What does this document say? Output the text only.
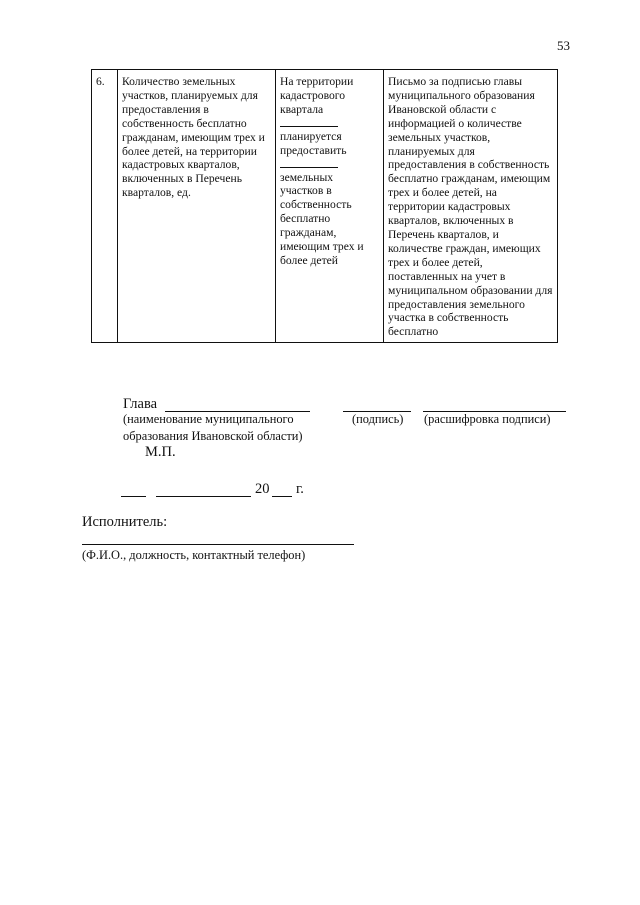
53
6.	Количество земельных участков, планируемых для предоставления в собственность бесплатно гражданам, имеющим трех и более детей, на территории кадастровых кварталов, включенных в Перечень кварталов, ед.	На территории кадастрового квартала
планируется предоставить
земельных участков в собственность бесплатно гражданам, имеющим трех и более детей	Письмо за подписью главы муниципального образования Ивановской области с информацией о количестве земельных участков, планируемых для предоставления в собственность бесплатно гражданам, имеющим трех и более детей, на территории кадастровых кварталов, включенных в Перечень кварталов, и количестве граждан, имеющих трех и более детей, поставленных на учет в муниципальном образовании для предоставления земельного участка в собственность бесплатно
Глава
(наименование муниципального
образования Ивановской области)
(подпись) (расшифровка подписи)
М.П.
20 г.
Исполнитель:
(Ф.И.О., должность, контактный телефон)
